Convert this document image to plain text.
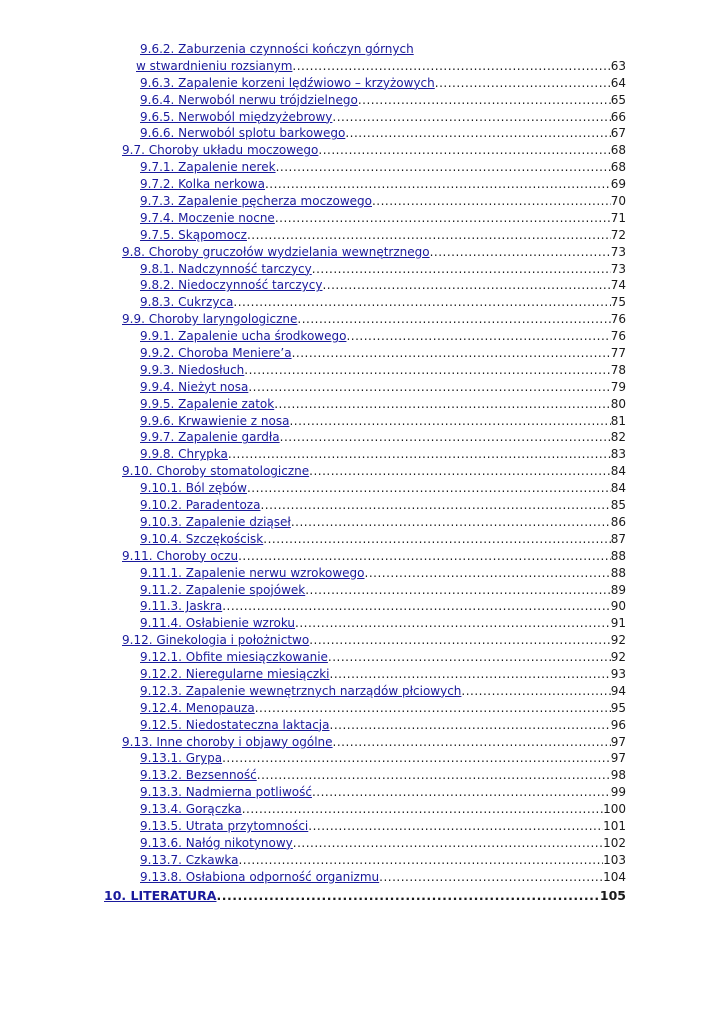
9.6.2. Zaburzenia czynności kończyn górnych
w stwardnieniu rozsianym .....	63
9.6.3. Zapalenie korzeni lędźwiowo – krzyżowych .....	64
9.6.4. Nerwoból nerwu trójdzielnego .....	65
9.6.5. Nerwoból międzyżebrowy .....	66
9.6.6. Nerwoból splotu barkowego .....	67
9.7. Choroby układu moczowego .....	68
9.7.1. Zapalenie nerek .....	68
9.7.2. Kolka nerkowa .....	69
9.7.3. Zapalenie pęcherza moczowego .....	70
9.7.4. Moczenie nocne .....	71
9.7.5. Skąpomocz .....	72
9.8. Choroby gruczołów wydzielania wewnętrznego .....	73
9.8.1. Nadczynność tarczycy .....	73
9.8.2. Niedoczynność tarczycy .....	74
9.8.3. Cukrzyca .....	75
9.9. Choroby laryngologiczne .....	76
9.9.1. Zapalenie ucha środkowego .....	76
9.9.2. Choroba Meniere’a .....	77
9.9.3. Niedosłuch .....	78
9.9.4. Nieżyt nosa .....	79
9.9.5. Zapalenie zatok .....	80
9.9.6. Krwawienie z nosa .....	81
9.9.7. Zapalenie gardła .....	82
9.9.8. Chrypka .....	83
9.10. Choroby stomatologiczne .....	84
9.10.1. Ból zębów .....	84
9.10.2. Paradentoza .....	85
9.10.3. Zapalenie dziąseł .....	86
9.10.4. Szczękościsk .....	87
9.11. Choroby oczu .....	88
9.11.1. Zapalenie nerwu wzrokowego .....	88
9.11.2. Zapalenie spojówek .....	89
9.11.3. Jaskra .....	90
9.11.4. Osłabienie wzroku .....	91
9.12. Ginekologia i położnictwo .....	92
9.12.1. Obfite miesiączkowanie .....	92
9.12.2. Nieregularne miesiączki .....	93
9.12.3. Zapalenie wewnętrznych narządów płciowych .....	94
9.12.4. Menopauza .....	95
9.12.5. Niedostateczna laktacja .....	96
9.13. Inne choroby i objawy ogólne .....	97
9.13.1. Grypa .....	97
9.13.2. Bezsenność .....	98
9.13.3. Nadmierna potliwość .....	99
9.13.4. Gorączka .....	100
9.13.5. Utrata przytomności .....	101
9.13.6. Nałóg nikotynowy .....	102
9.13.7. Czkawka .....	103
9.13.8. Osłabiona odporność organizmu .....	104
10. LITERATURA .....	105
